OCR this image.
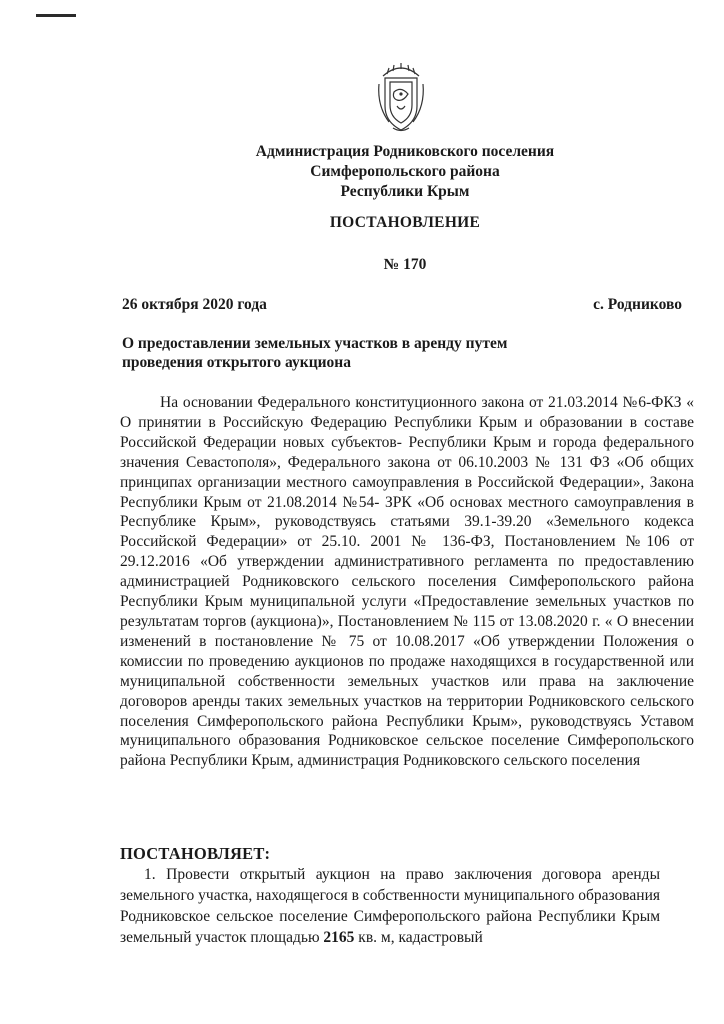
Администрация Родниковского поселения
Симферопольского района
Республики Крым
ПОСТАНОВЛЕНИЕ
№ 170
26 октября 2020 года	с. Родниково
О предоставлении земельных участков в аренду путем проведения открытого аукциона
На основании Федерального конституционного закона от 21.03.2014 №6-ФКЗ « О принятии в Российскую Федерацию Республики Крым и образовании в составе Российской Федерации новых субъектов- Республики Крым и города федерального значения Севастополя», Федерального закона от 06.10.2003 № 131 ФЗ «Об общих принципах организации местного самоуправления в Российской Федерации», Закона Республики Крым от 21.08.2014 №54- ЗРК «Об основах местного самоуправления в Республике Крым», руководствуясь статьями 39.1-39.20 «Земельного кодекса Российской Федерации» от 25.10. 2001 № 136-ФЗ, Постановлением №106 от 29.12.2016 «Об утверждении административного регламента по предоставлению администрацией Родниковского сельского поселения Симферопольского района Республики Крым муниципальной услуги «Предоставление земельных участков по результатам торгов (аукциона)», Постановлением № 115 от 13.08.2020 г. « О внесении изменений в постановление № 75 от 10.08.2017 «Об утверждении Положения о комиссии по проведению аукционов по продаже находящихся в государственной или муниципальной собственности земельных участков или права на заключение договоров аренды таких земельных участков на территории Родниковского сельского поселения Симферопольского района Республики Крым», руководствуясь Уставом муниципального образования Родниковское сельское поселение Симферопольского района Республики Крым, администрация Родниковского сельского поселения
ПОСТАНОВЛЯЕТ:
1. Провести открытый аукцион на право заключения договора аренды земельного участка, находящегося в собственности муниципального образования Родниковское сельское поселение Симферопольского района Республики Крым земельный участок площадью 2165 кв. м, кадастровый
